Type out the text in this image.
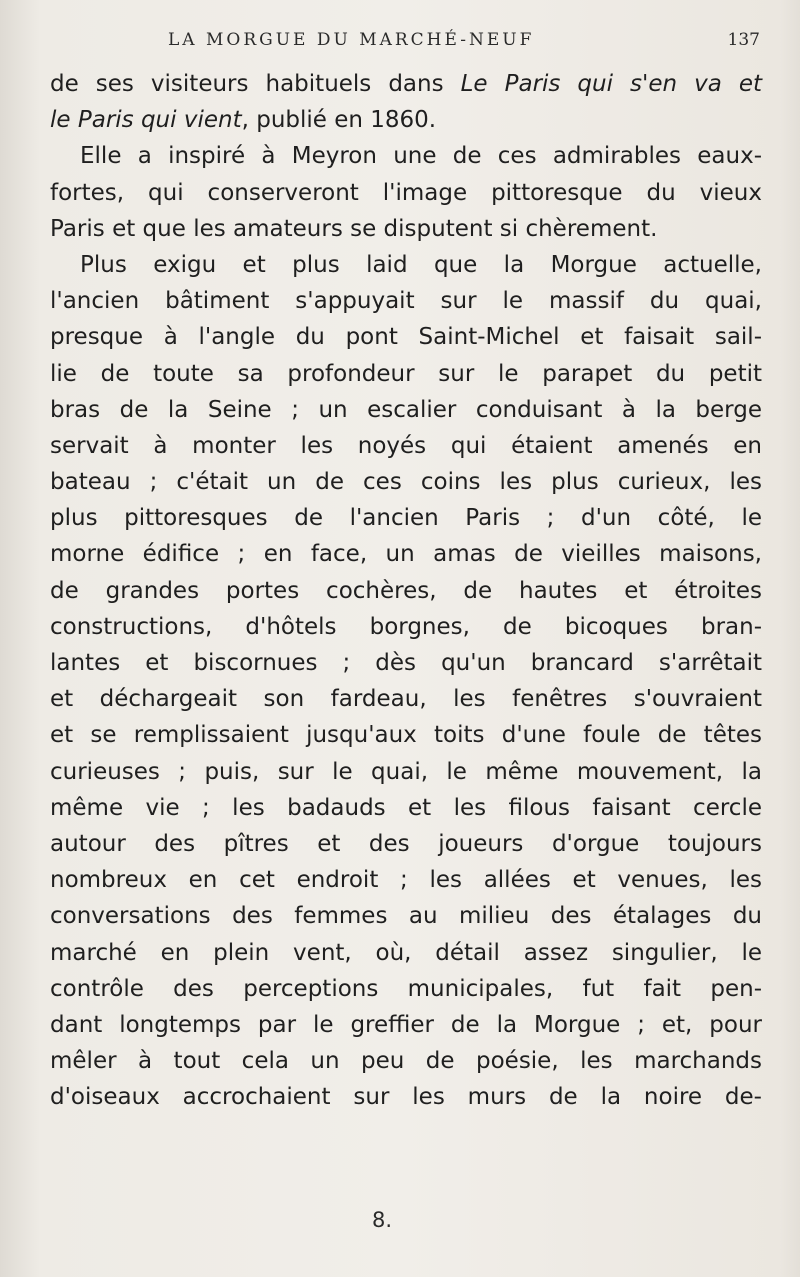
LA MORGUE DU MARCHÉ-NEUF	137
de ses visiteurs habituels dans Le Paris qui s'en va et
le Paris qui vient, publié en 1860.
Elle a inspiré à Meyron une de ces admirables eaux-
fortes, qui conserveront l'image pittoresque du vieux
Paris et que les amateurs se disputent si chèrement.
Plus exigu et plus laid que la Morgue actuelle,
l'ancien bâtiment s'appuyait sur le massif du quai,
presque à l'angle du pont Saint-Michel et faisait sail-
lie de toute sa profondeur sur le parapet du petit
bras de la Seine ; un escalier conduisant à la berge
servait à monter les noyés qui étaient amenés en
bateau ; c'était un de ces coins les plus curieux, les
plus pittoresques de l'ancien Paris ; d'un côté, le
morne édifice ; en face, un amas de vieilles maisons,
de grandes portes cochères, de hautes et étroites
constructions, d'hôtels borgnes, de bicoques bran-
lantes et biscornues ; dès qu'un brancard s'arrêtait
et déchargeait son fardeau, les fenêtres s'ouvraient
et se remplissaient jusqu'aux toits d'une foule de têtes
curieuses ; puis, sur le quai, le même mouvement, la
même vie ; les badauds et les filous faisant cercle
autour des pîtres et des joueurs d'orgue toujours
nombreux en cet endroit ; les allées et venues, les
conversations des femmes au milieu des étalages du
marché en plein vent, où, détail assez singulier, le
contrôle des perceptions municipales, fut fait pen-
dant longtemps par le greffier de la Morgue ; et, pour
mêler à tout cela un peu de poésie, les marchands
d'oiseaux accrochaient sur les murs de la noire de-
8.
